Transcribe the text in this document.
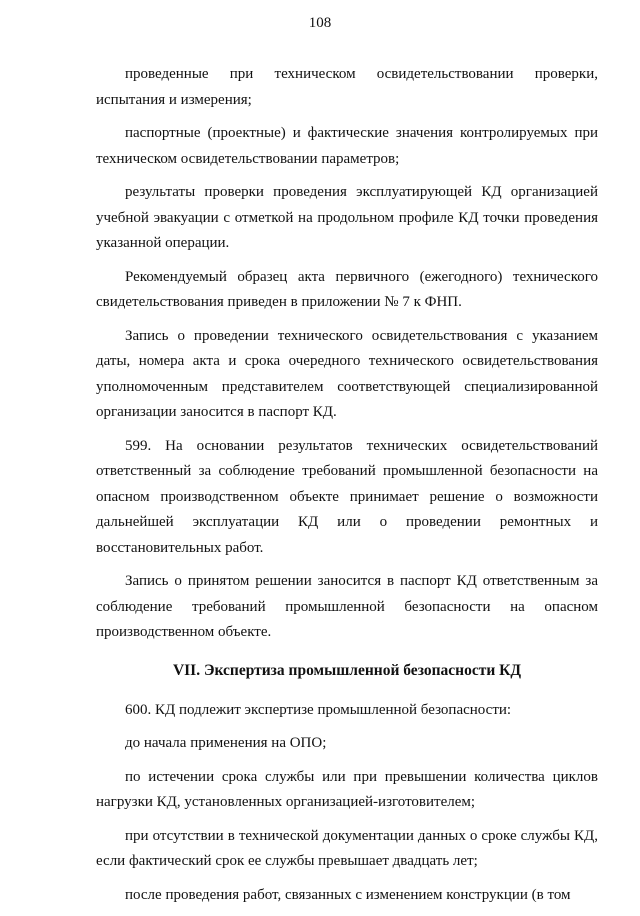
108

проведенные при техническом освидетельствовании проверки, испытания и измерения;

паспортные (проектные) и фактические значения контролируемых при техническом освидетельствовании параметров;

результаты проверки проведения эксплуатирующей КД организацией учебной эвакуации с отметкой на продольном профиле КД точки проведения указанной операции.

Рекомендуемый образец акта первичного (ежегодного) технического свидетельствования приведен в приложении № 7 к ФНП.

Запись о проведении технического освидетельствования с указанием даты, номера акта и срока очередного технического освидетельствования уполномоченным представителем соответствующей специализированной организации заносится в паспорт КД.

599. На основании результатов технических освидетельствований ответственный за соблюдение требований промышленной безопасности на опасном производственном объекте принимает решение о возможности дальнейшей эксплуатации КД или о проведении ремонтных и восстановительных работ.

Запись о принятом решении заносится в паспорт КД ответственным за соблюдение требований промышленной безопасности на опасном производственном объекте.

VII. Экспертиза промышленной безопасности КД

600. КД подлежит экспертизе промышленной безопасности:

до начала применения на ОПО;

по истечении срока службы или при превышении количества циклов нагрузки КД, установленных организацией-изготовителем;

при отсутствии в технической документации данных о сроке службы КД, если фактический срок ее службы превышает двадцать лет;

после проведения работ, связанных с изменением конструкции (в том
